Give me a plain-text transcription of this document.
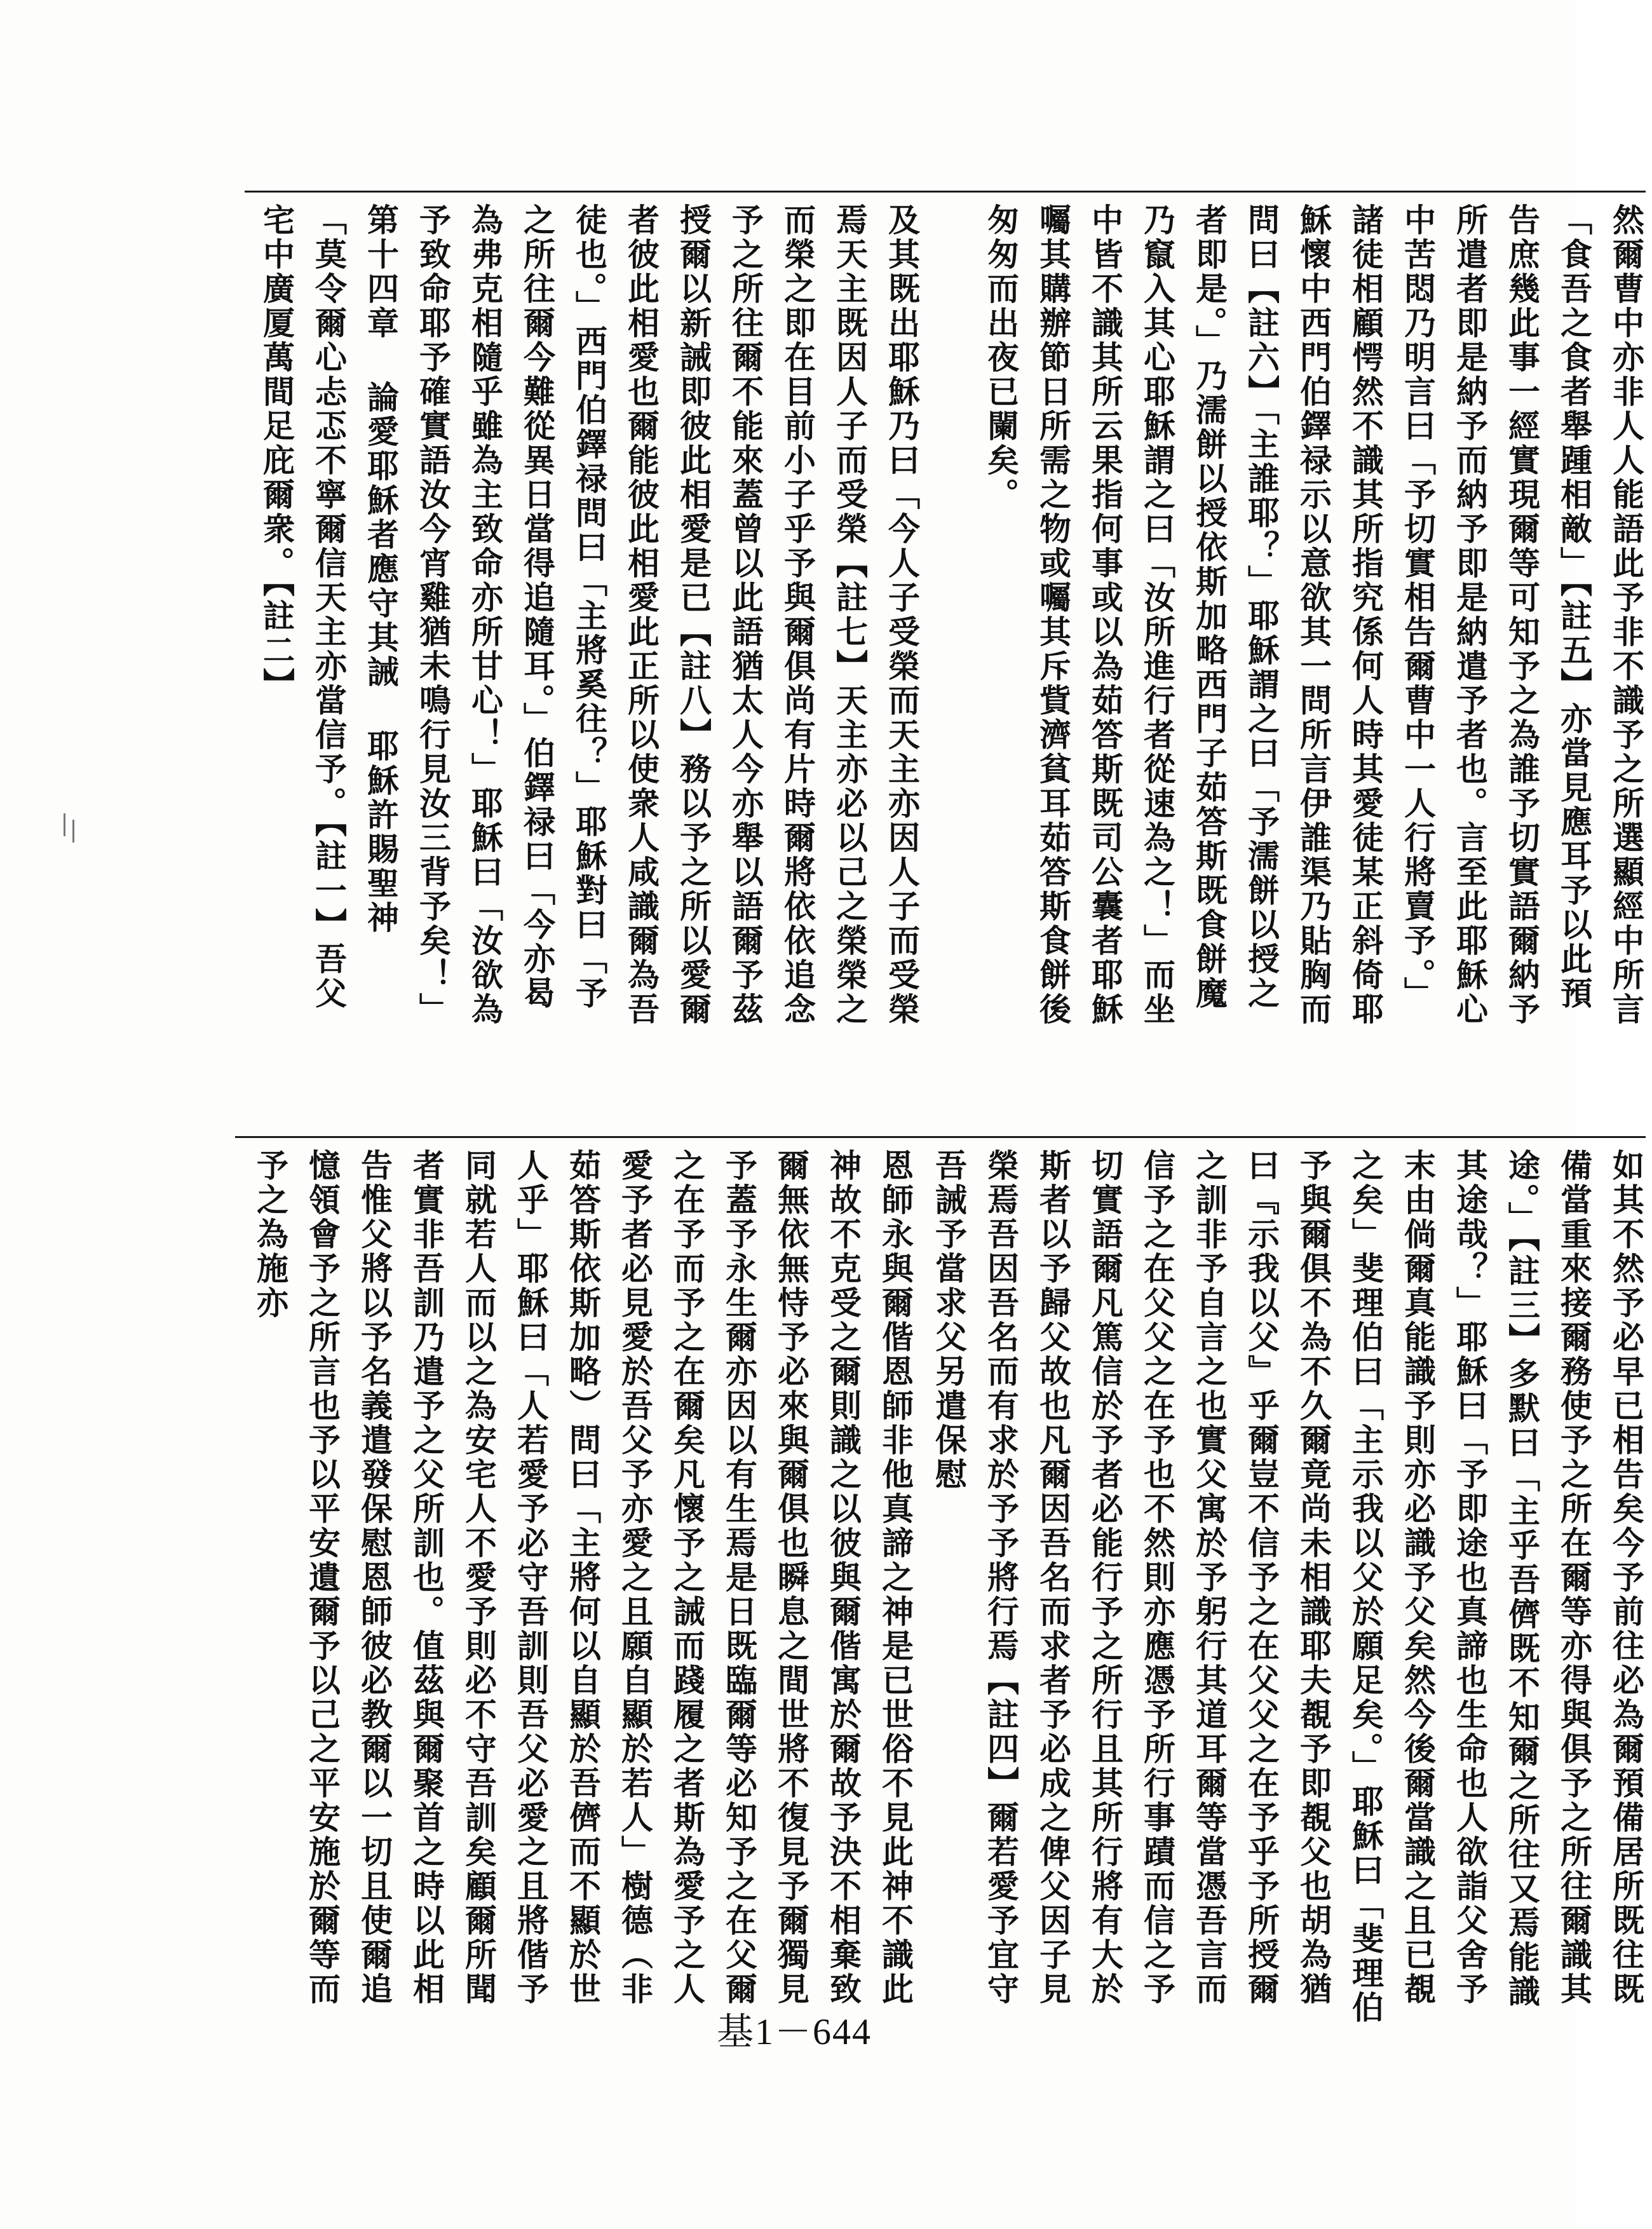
然爾曹中亦非人人能語此予非不識予之所選顯經中所言「食吾之食者舉踵相敵」【註五】亦當見應耳予以此預告庶幾此事一經實現爾等可知予之為誰予切實語爾納予所遣者即是納予而納予即是納遣予者也。言至此耶穌心中苦悶乃明言曰「予切實相告爾曹中一人行將賣予。」諸徒相顧愕然不識其所指究係何人時其愛徒某正斜倚耶穌懷中西門伯鐸禄示以意欲其一問所言伊誰渠乃貼胸而問曰【註六】「主誰耶？」耶穌謂之曰「予濡餅以授之者即是。」乃濡餅以授依斯加略西門子茹答斯既食餅魔乃竄入其心耶穌謂之曰「汝所進行者從速為之！」而坐中皆不識其所云果指何事或以為茹答斯既司公囊者耶穌囑其購辦節日所需之物或囑其斥貲濟貧耳茹答斯食餅後匆匆而出夜已闌矣。
及其既出耶穌乃曰「今人子受榮而天主亦因人子而受榮焉天主既因人子而受榮【註七】天主亦必以己之榮榮之而榮之即在目前小子乎予與爾俱尚有片時爾將依依追念予之所往爾不能來蓋曾以此語猶太人今亦舉以語爾予茲授爾以新誡即彼此相愛是已【註八】務以予之所以愛爾者彼此相愛也爾能彼此相愛此正所以使衆人咸識爾為吾徒也。」西門伯鐸禄問曰「主將奚往？」耶穌對曰「予之所往爾今難從異日當得追隨耳。」伯鐸禄曰「今亦曷為弗克相隨乎雖為主致命亦所甘心！」耶穌曰「汝欲為予致命耶予確實語汝今宵雞猶未鳴行見汝三背予矣！」 第十四章 論愛耶穌者應守其誡 耶穌許賜聖神 「莫令爾心忐忑不寧爾信天主亦當信予。【註一】吾父宅中廣厦萬間足庇爾衆。【註二】
如其不然予必早已相告矣今予前往必為爾預備居所既往既備當重來接爾務使予之所在爾等亦得與俱予之所往爾識其途。」【註三】多默曰「主乎吾儕既不知爾之所往又焉能識其途哉？」耶穌曰「予即途也真諦也生命也人欲詣父舍予末由倘爾真能識予則亦必識予父矣然今後爾當識之且已覩之矣」斐理伯曰「主示我以父於願足矣。」耶穌曰「斐理伯予與爾俱不為不久爾竟尚未相識耶夫覩予即覩父也胡為猶曰『示我以父』乎爾豈不信予之在父父之在予乎予所授爾之訓非予自言之也實父寓於予躬行其道耳爾等當憑吾言而信予之在父父之在予也不然則亦應憑予所行事蹟而信之予切實語爾凡篤信於予者必能行予之所行且其所行將有大於斯者以予歸父故也凡爾因吾名而求者予必成之俾父因子見榮焉吾因吾名而有求於予予將行焉【註四】爾若愛予宜守吾誡予當求父另遣保慰
恩師永與爾偕恩師非他真諦之神是已世俗不見此神不識此神故不克受之爾則識之以彼與爾偕寓於爾故予決不相棄致爾無依無恃予必來與爾俱也瞬息之間世將不復見予爾獨見予蓋予永生爾亦因以有生焉是日既臨爾等必知予之在父爾之在予而予之在爾矣凡懷予之誡而踐履之者斯為愛予之人愛予者必見愛於吾父予亦愛之且願自顯於若人」樹德（非茹答斯依斯加略）問曰「主將何以自顯於吾儕而不顯於世人乎」耶穌曰「人若愛予必守吾訓則吾父必愛之且將偕予同就若人而以之為安宅人不愛予則必不守吾訓矣顧爾所聞者實非吾訓乃遣予之父所訓也。值茲與爾聚首之時以此相告惟父將以予名義遣發保慰恩師彼必教爾以一切且使爾追憶領會予之所言也予以平安遺爾予以己之平安施於爾等而予之為施亦
基1－644
